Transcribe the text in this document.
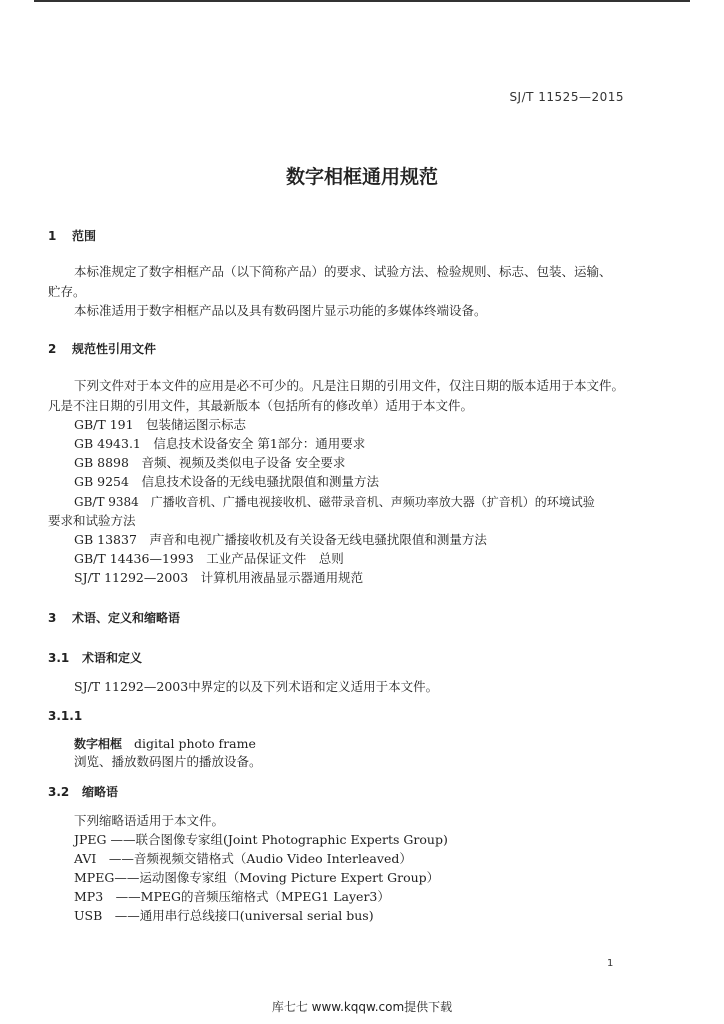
SJ/T 11525—2015
数字相框通用规范
1 范围
本标准规定了数字相框产品（以下简称产品）的要求、试验方法、检验规则、标志、包装、运输、
贮存。
本标准适用于数字相框产品以及具有数码图片显示功能的多媒体终端设备。
2 规范性引用文件
下列文件对于本文件的应用是必不可少的。凡是注日期的引用文件，仅注日期的版本适用于本文件。
凡是不注日期的引用文件，其最新版本（包括所有的修改单）适用于本文件。
GB/T 191　包装储运图示标志
GB 4943.1　信息技术设备安全 第1部分：通用要求
GB 8898　音频、视频及类似电子设备 安全要求
GB 9254　信息技术设备的无线电骚扰限值和测量方法
GB/T 9384　广播收音机、广播电视接收机、磁带录音机、声频功率放大器（扩音机）的环境试验
要求和试验方法
GB 13837　声音和电视广播接收机及有关设备无线电骚扰限值和测量方法
GB/T 14436—1993　工业产品保证文件　总则
SJ/T 11292—2003　计算机用液晶显示器通用规范
3 术语、定义和缩略语
3.1 术语和定义
SJ/T 11292—2003中界定的以及下列术语和定义适用于本文件。
3.1.1
数字相框 digital photo frame
浏览、播放数码图片的播放设备。
3.2 缩略语
下列缩略语适用于本文件。
JPEG ——联合图像专家组(Joint Photographic Experts Group)
AVI　——音频视频交错格式（Audio Video Interleaved）
MPEG——运动图像专家组（Moving Picture Expert Group）
MP3　——MPEG的音频压缩格式（MPEG1 Layer3）
USB　——通用串行总线接口(universal serial bus)
1
库七七 www.kqqw.com提供下载
